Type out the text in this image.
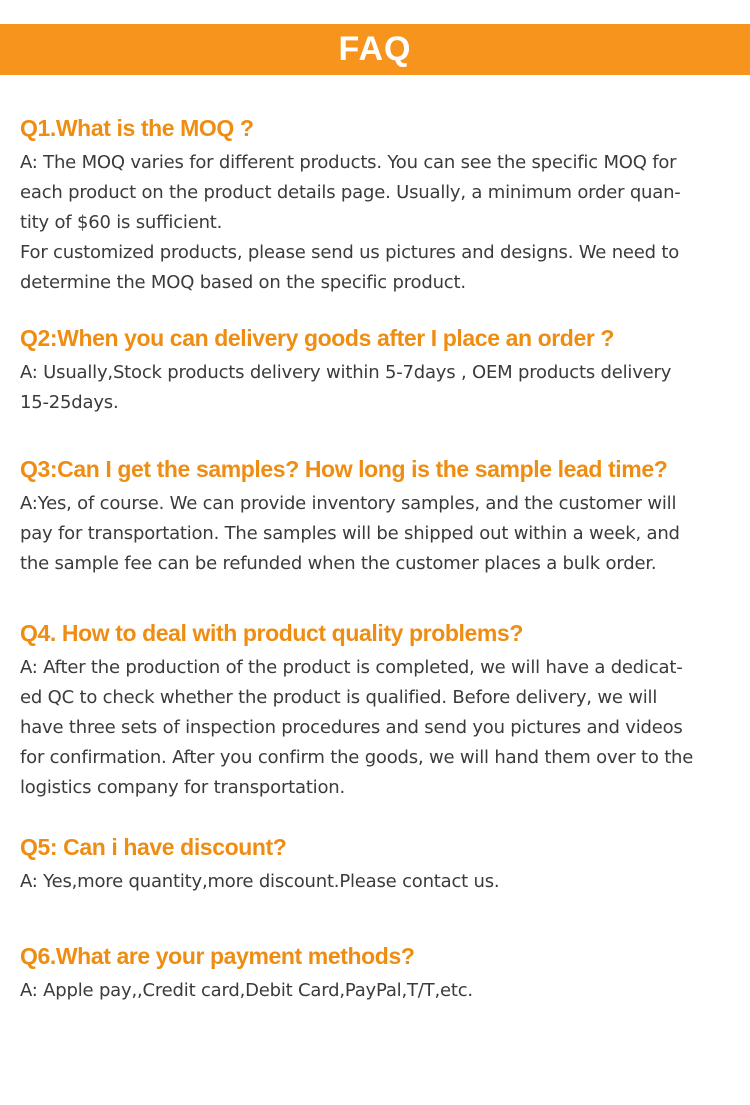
FAQ
Q1.What is the MOQ ?
A: The MOQ varies for different products. You can see the specific MOQ for
each product on the product details page. Usually, a minimum order quan-
tity of $60 is sufficient.
For customized products, please send us pictures and designs. We need to
determine the MOQ based on the specific product.
Q2:When you can delivery goods after I place an order ?
A: Usually,Stock products delivery within 5-7days , OEM products delivery
15-25days.
Q3:Can I get the samples? How long is the sample lead time?
A:Yes, of course. We can provide inventory samples, and the customer will
pay for transportation. The samples will be shipped out within a week, and
the sample fee can be refunded when the customer places a bulk order.
Q4. How to deal with product quality problems?
A: After the production of the product is completed, we will have a dedicat-
ed QC to check whether the product is qualified. Before delivery, we will
have three sets of inspection procedures and send you pictures and videos
for confirmation. After you confirm the goods, we will hand them over to the
logistics company for transportation.
Q5: Can i have discount?
A: Yes,more quantity,more discount.Please contact us.
Q6.What are your payment methods?
A: Apple pay,,Credit card,Debit Card,PayPal,T/T,etc.
